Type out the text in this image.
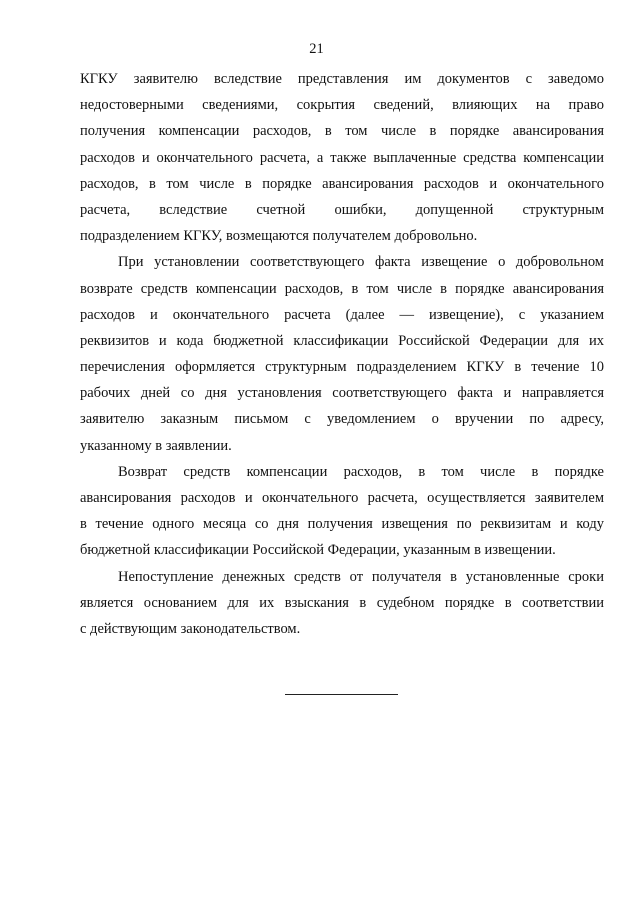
21
КГКУ заявителю вследствие представления им документов с заведомо
недостоверными сведениями, сокрытия сведений, влияющих на право
получения компенсации расходов, в том числе в порядке авансирования
расходов и окончательного расчета, а также выплаченные средства компенсации
расходов, в том числе в порядке авансирования расходов и окончательного
расчета, вследствие счетной ошибки, допущенной структурным
подразделением КГКУ, возмещаются получателем добровольно.
При установлении соответствующего факта извещение о добровольном
возврате средств компенсации расходов, в том числе в порядке авансирования
расходов и окончательного расчета (далее — извещение), с указанием
реквизитов и кода бюджетной классификации Российской Федерации для их
перечисления оформляется структурным подразделением КГКУ в течение 10
рабочих дней со дня установления соответствующего факта и направляется
заявителю заказным письмом с уведомлением о вручении по адресу,
указанному в заявлении.
Возврат средств компенсации расходов, в том числе в порядке
авансирования расходов и окончательного расчета, осуществляется заявителем
в течение одного месяца со дня получения извещения по реквизитам и коду
бюджетной классификации Российской Федерации, указанным в извещении.
Непоступление денежных средств от получателя в установленные сроки
является основанием для их взыскания в судебном порядке в соответствии
с действующим законодательством.
